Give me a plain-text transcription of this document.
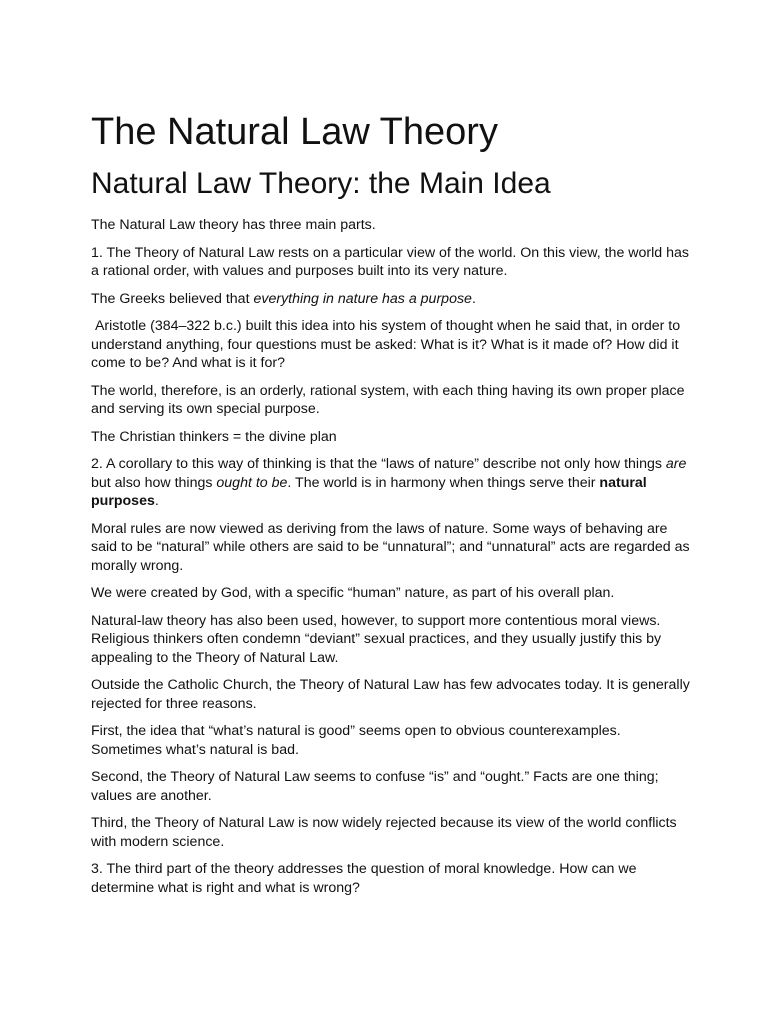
The Natural Law Theory
Natural Law Theory: the Main Idea

The Natural Law theory has three main parts.

1. The Theory of Natural Law rests on a particular view of the world. On this view, the world has a rational order, with values and purposes built into its very nature.

The Greeks believed that everything in nature has a purpose.

Aristotle (384–322 b.c.) built this idea into his system of thought when he said that, in order to understand anything, four questions must be asked: What is it? What is it made of? How did it come to be? And what is it for?

The world, therefore, is an orderly, rational system, with each thing having its own proper place and serving its own special purpose.

The Christian thinkers = the divine plan

2. A corollary to this way of thinking is that the “laws of nature” describe not only how things are but also how things ought to be. The world is in harmony when things serve their natural purposes.

Moral rules are now viewed as deriving from the laws of nature. Some ways of behaving are said to be “natural” while others are said to be “unnatural”; and “unnatural” acts are regarded as morally wrong.

We were created by God, with a specific “human” nature, as part of his overall plan.

Natural-law theory has also been used, however, to support more contentious moral views. Religious thinkers often condemn “deviant” sexual practices, and they usually justify this by appealing to the Theory of Natural Law.

Outside the Catholic Church, the Theory of Natural Law has few advocates today. It is generally rejected for three reasons.

First, the idea that “what’s natural is good” seems open to obvious counterexamples. Sometimes what’s natural is bad.

Second, the Theory of Natural Law seems to confuse “is” and “ought.” Facts are one thing; values are another.

Third, the Theory of Natural Law is now widely rejected because its view of the world conflicts with modern science.

3. The third part of the theory addresses the question of moral knowledge. How can we determine what is right and what is wrong?
